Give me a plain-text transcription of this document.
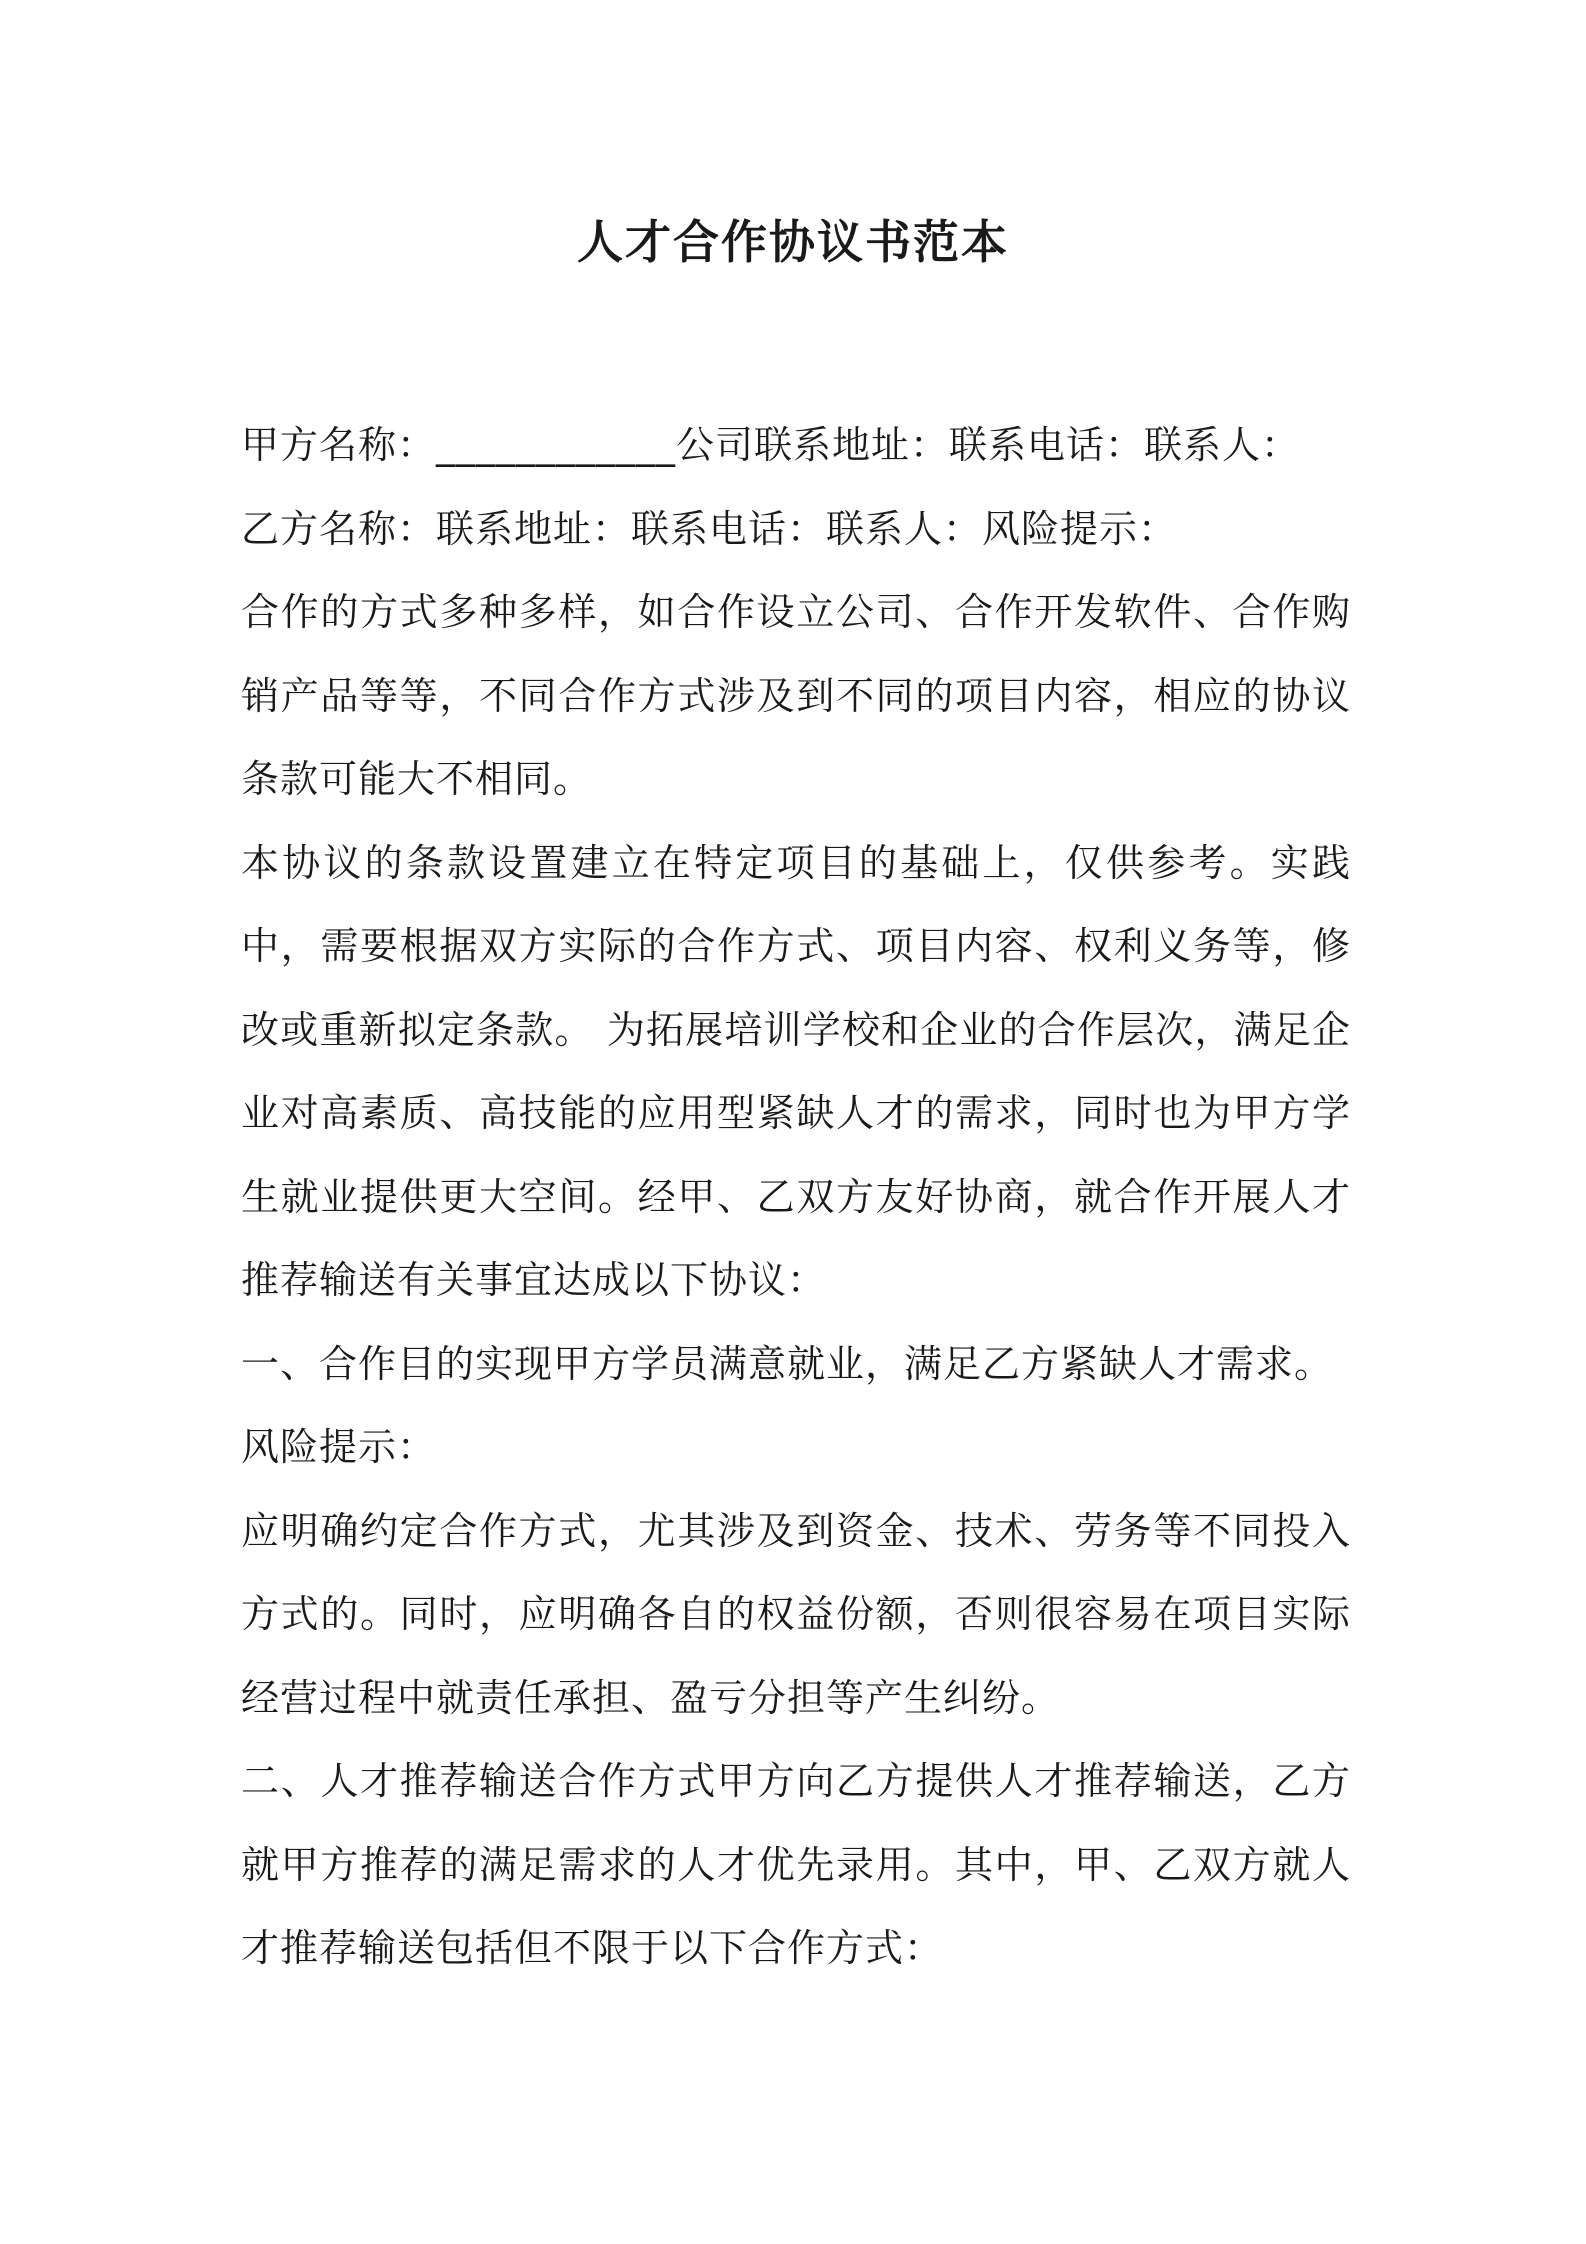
人才合作协议书范本

甲方名称：____________公司联系地址：联系电话：联系人：

乙方名称：联系地址：联系电话：联系人：风险提示：

合作的方式多种多样，如合作设立公司、合作开发软件、合作购销产品等等，不同合作方式涉及到不同的项目内容，相应的协议条款可能大不相同。

本协议的条款设置建立在特定项目的基础上，仅供参考。实践中，需要根据双方实际的合作方式、项目内容、权利义务等，修改或重新拟定条款。 为拓展培训学校和企业的合作层次，满足企业对高素质、高技能的应用型紧缺人才的需求，同时也为甲方学生就业提供更大空间。经甲、乙双方友好协商，就合作开展人才推荐输送有关事宜达成以下协议：

一、合作目的实现甲方学员满意就业，满足乙方紧缺人才需求。

风险提示：

应明确约定合作方式，尤其涉及到资金、技术、劳务等不同投入方式的。同时，应明确各自的权益份额，否则很容易在项目实际经营过程中就责任承担、盈亏分担等产生纠纷。

二、人才推荐输送合作方式甲方向乙方提供人才推荐输送，乙方就甲方推荐的满足需求的人才优先录用。其中，甲、乙双方就人才推荐输送包括但不限于以下合作方式：
